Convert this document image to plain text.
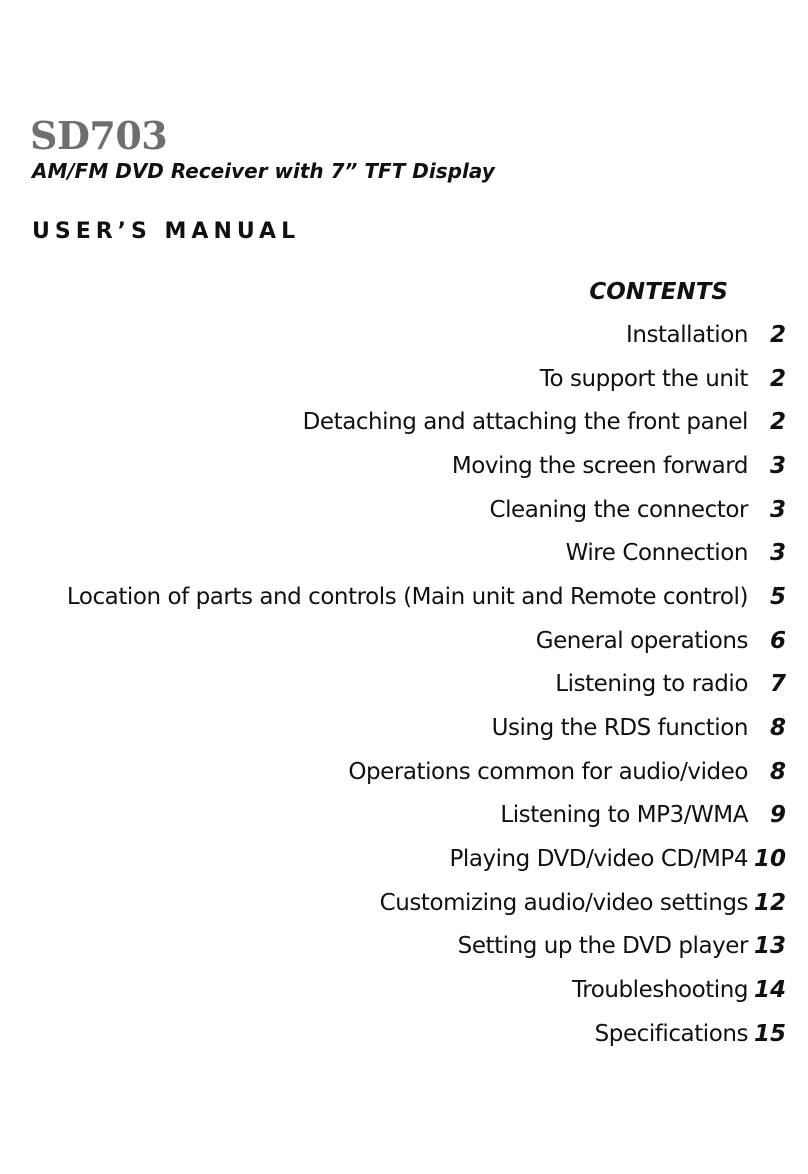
SD703
AM/FM DVD Receiver with 7” TFT Display
USER’S MANUAL
CONTENTS
Installation 2
To support the unit 2
Detaching and attaching the front panel 2
Moving the screen forward 3
Cleaning the connector 3
Wire Connection 3
Location of parts and controls (Main unit and Remote control) 5
General operations 6
Listening to radio 7
Using the RDS function 8
Operations common for audio/video 8
Listening to MP3/WMA 9
Playing DVD/video CD/MP4 10
Customizing audio/video settings 12
Setting up the DVD player 13
Troubleshooting 14
Specifications 15
